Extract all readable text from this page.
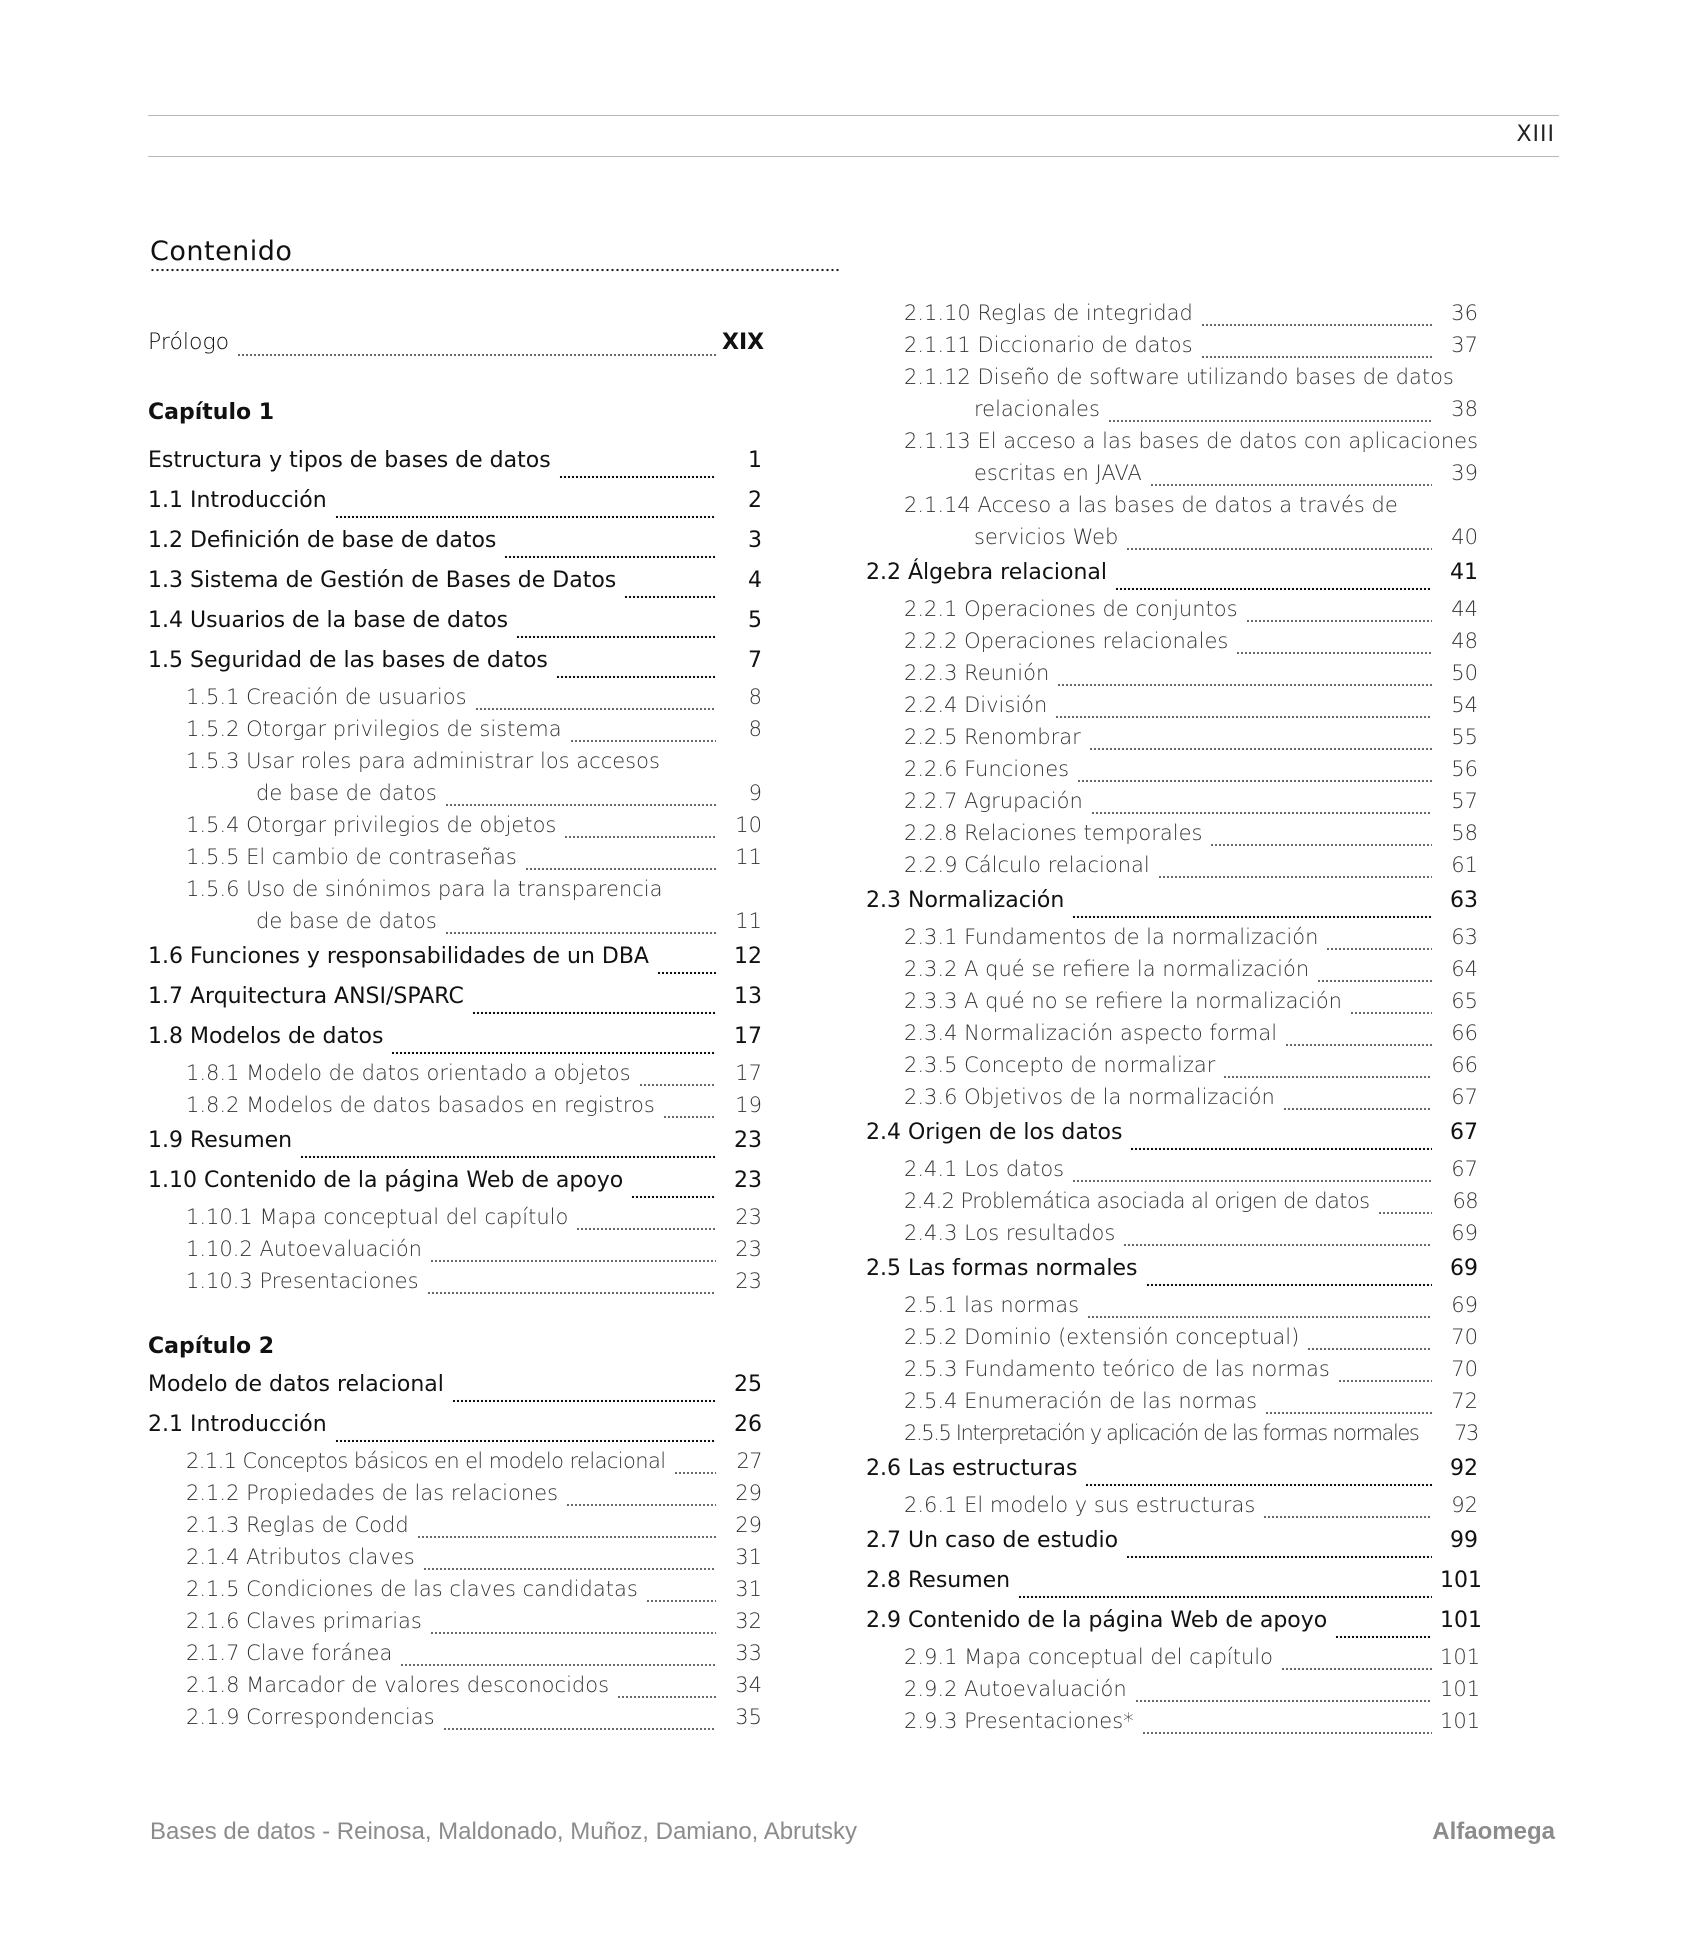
XIII
Contenido
Prólogo	XIX
Capítulo 1
Estructura y tipos de bases de datos	1
1.1 Introducción	2
1.2 Definición de base de datos	3
1.3 Sistema de Gestión de Bases de Datos	4
1.4 Usuarios de la base de datos	5
1.5 Seguridad de las bases de datos	7
1.5.1 Creación de usuarios	8
1.5.2 Otorgar privilegios de sistema	8
1.5.3 Usar roles para administrar los accesos
de base de datos	9
1.5.4 Otorgar privilegios de objetos	10
1.5.5 El cambio de contraseñas	11
1.5.6 Uso de sinónimos para la transparencia
de base de datos	11
1.6 Funciones y responsabilidades de un DBA	12
1.7 Arquitectura ANSI/SPARC	13
1.8 Modelos de datos	17
1.8.1 Modelo de datos orientado a objetos	17
1.8.2 Modelos de datos basados en registros	19
1.9 Resumen	23
1.10 Contenido de la página Web de apoyo	23
1.10.1 Mapa conceptual del capítulo	23
1.10.2 Autoevaluación	23
1.10.3 Presentaciones	23
Capítulo 2
Modelo de datos relacional	25
2.1 Introducción	26
2.1.1 Conceptos básicos en el modelo relacional	27
2.1.2 Propiedades de las relaciones	29
2.1.3 Reglas de Codd	29
2.1.4 Atributos claves	31
2.1.5 Condiciones de las claves candidatas	31
2.1.6 Claves primarias	32
2.1.7 Clave foránea	33
2.1.8 Marcador de valores desconocidos	34
2.1.9 Correspondencias	35
2.1.10 Reglas de integridad	36
2.1.11 Diccionario de datos	37
2.1.12 Diseño de software utilizando bases de datos
relacionales	38
2.1.13 El acceso a las bases de datos con aplicaciones
escritas en JAVA	39
2.1.14 Acceso a las bases de datos a través de
servicios Web	40
2.2 Álgebra relacional	41
2.2.1 Operaciones de conjuntos	44
2.2.2 Operaciones relacionales	48
2.2.3 Reunión	50
2.2.4 División	54
2.2.5 Renombrar	55
2.2.6 Funciones	56
2.2.7 Agrupación	57
2.2.8 Relaciones temporales	58
2.2.9 Cálculo relacional	61
2.3 Normalización	63
2.3.1 Fundamentos de la normalización	63
2.3.2 A qué se refiere la normalización	64
2.3.3 A qué no se refiere la normalización	65
2.3.4 Normalización aspecto formal	66
2.3.5 Concepto de normalizar	66
2.3.6 Objetivos de la normalización	67
2.4 Origen de los datos	67
2.4.1 Los datos	67
2.4.2 Problemática asociada al origen de datos	68
2.4.3 Los resultados	69
2.5 Las formas normales	69
2.5.1 las normas	69
2.5.2 Dominio (extensión conceptual)	70
2.5.3 Fundamento teórico de las normas	70
2.5.4 Enumeración de las normas	72
2.5.5 Interpretación y aplicación de las formas normales	73
2.6 Las estructuras	92
2.6.1 El modelo y sus estructuras	92
2.7 Un caso de estudio	99
2.8 Resumen	101
2.9 Contenido de la página Web de apoyo	101
2.9.1 Mapa conceptual del capítulo	101
2.9.2 Autoevaluación	101
2.9.3 Presentaciones*	101
Bases de datos - Reinosa, Maldonado, Muñoz, Damiano, Abrutsky	Alfaomega
